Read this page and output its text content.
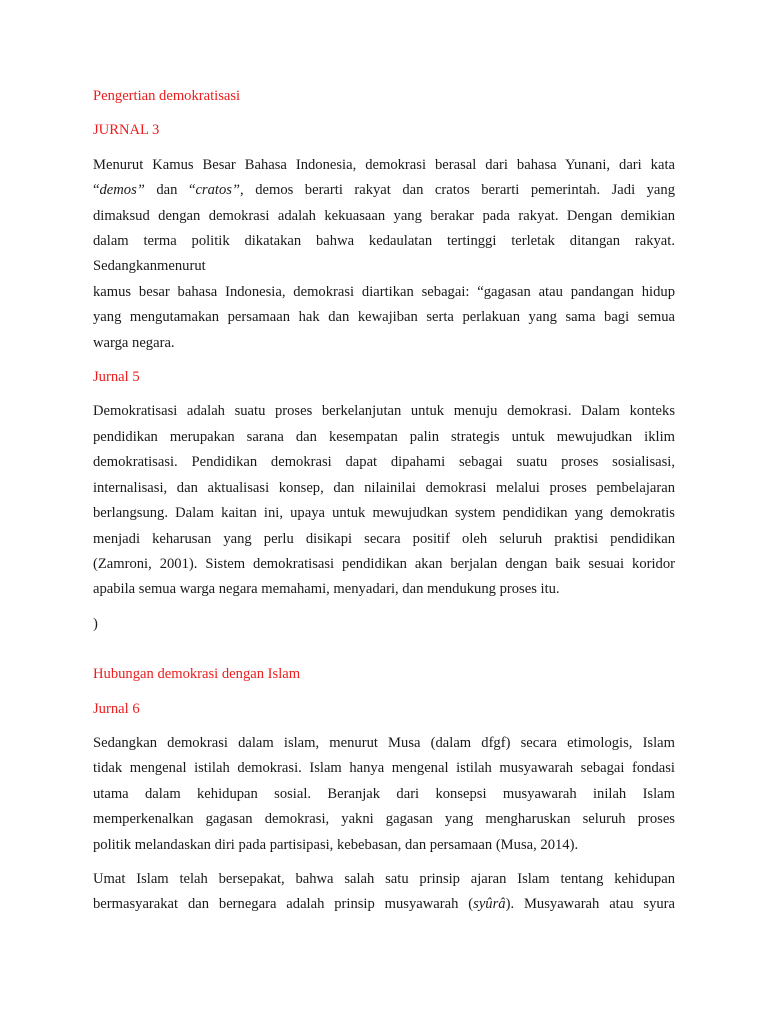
Pengertian demokratisasi

JURNAL 3

Menurut Kamus Besar Bahasa Indonesia, demokrasi berasal dari bahasa Yunani, dari kata
“demos” dan “cratos”, demos berarti rakyat dan cratos berarti pemerintah. Jadi yang
dimaksud dengan demokrasi adalah kekuasaan yang berakar pada rakyat. Dengan demikian
dalam terma politik dikatakan bahwa kedaulatan tertinggi terletak ditangan rakyat.
Sedangkanmenurut
kamus besar bahasa Indonesia, demokrasi diartikan sebagai: “gagasan atau pandangan hidup
yang mengutamakan persamaan hak dan kewajiban serta perlakuan yang sama bagi semua
warga negara.

Jurnal 5

Demokratisasi adalah suatu proses berkelanjutan untuk menuju demokrasi. Dalam konteks
pendidikan merupakan sarana dan kesempatan palin strategis untuk mewujudkan iklim
demokratisasi. Pendidikan demokrasi dapat dipahami sebagai suatu proses sosialisasi,
internalisasi, dan aktualisasi konsep, dan nilainilai demokrasi melalui proses pembelajaran
berlangsung. Dalam kaitan ini, upaya untuk mewujudkan system pendidikan yang demokratis
menjadi keharusan yang perlu disikapi secara positif oleh seluruh praktisi pendidikan
(Zamroni, 2001). Sistem demokratisasi pendidikan akan berjalan dengan baik sesuai koridor
apabila semua warga negara memahami, menyadari, dan mendukung proses itu.
)

Hubungan demokrasi dengan Islam

Jurnal 6

Sedangkan demokrasi dalam islam, menurut Musa (dalam dfgf) secara etimologis, Islam
tidak mengenal istilah demokrasi. Islam hanya mengenal istilah musyawarah sebagai fondasi
utama dalam kehidupan sosial. Beranjak dari konsepsi musyawarah inilah Islam
memperkenalkan gagasan demokrasi, yakni gagasan yang mengharuskan seluruh proses
politik melandaskan diri pada partisipasi, kebebasan, dan persamaan (Musa, 2014).
Umat Islam telah bersepakat, bahwa salah satu prinsip ajaran Islam tentang kehidupan
bermasyarakat dan bernegara adalah prinsip musyawarah (syûrâ). Musyawarah atau syura
